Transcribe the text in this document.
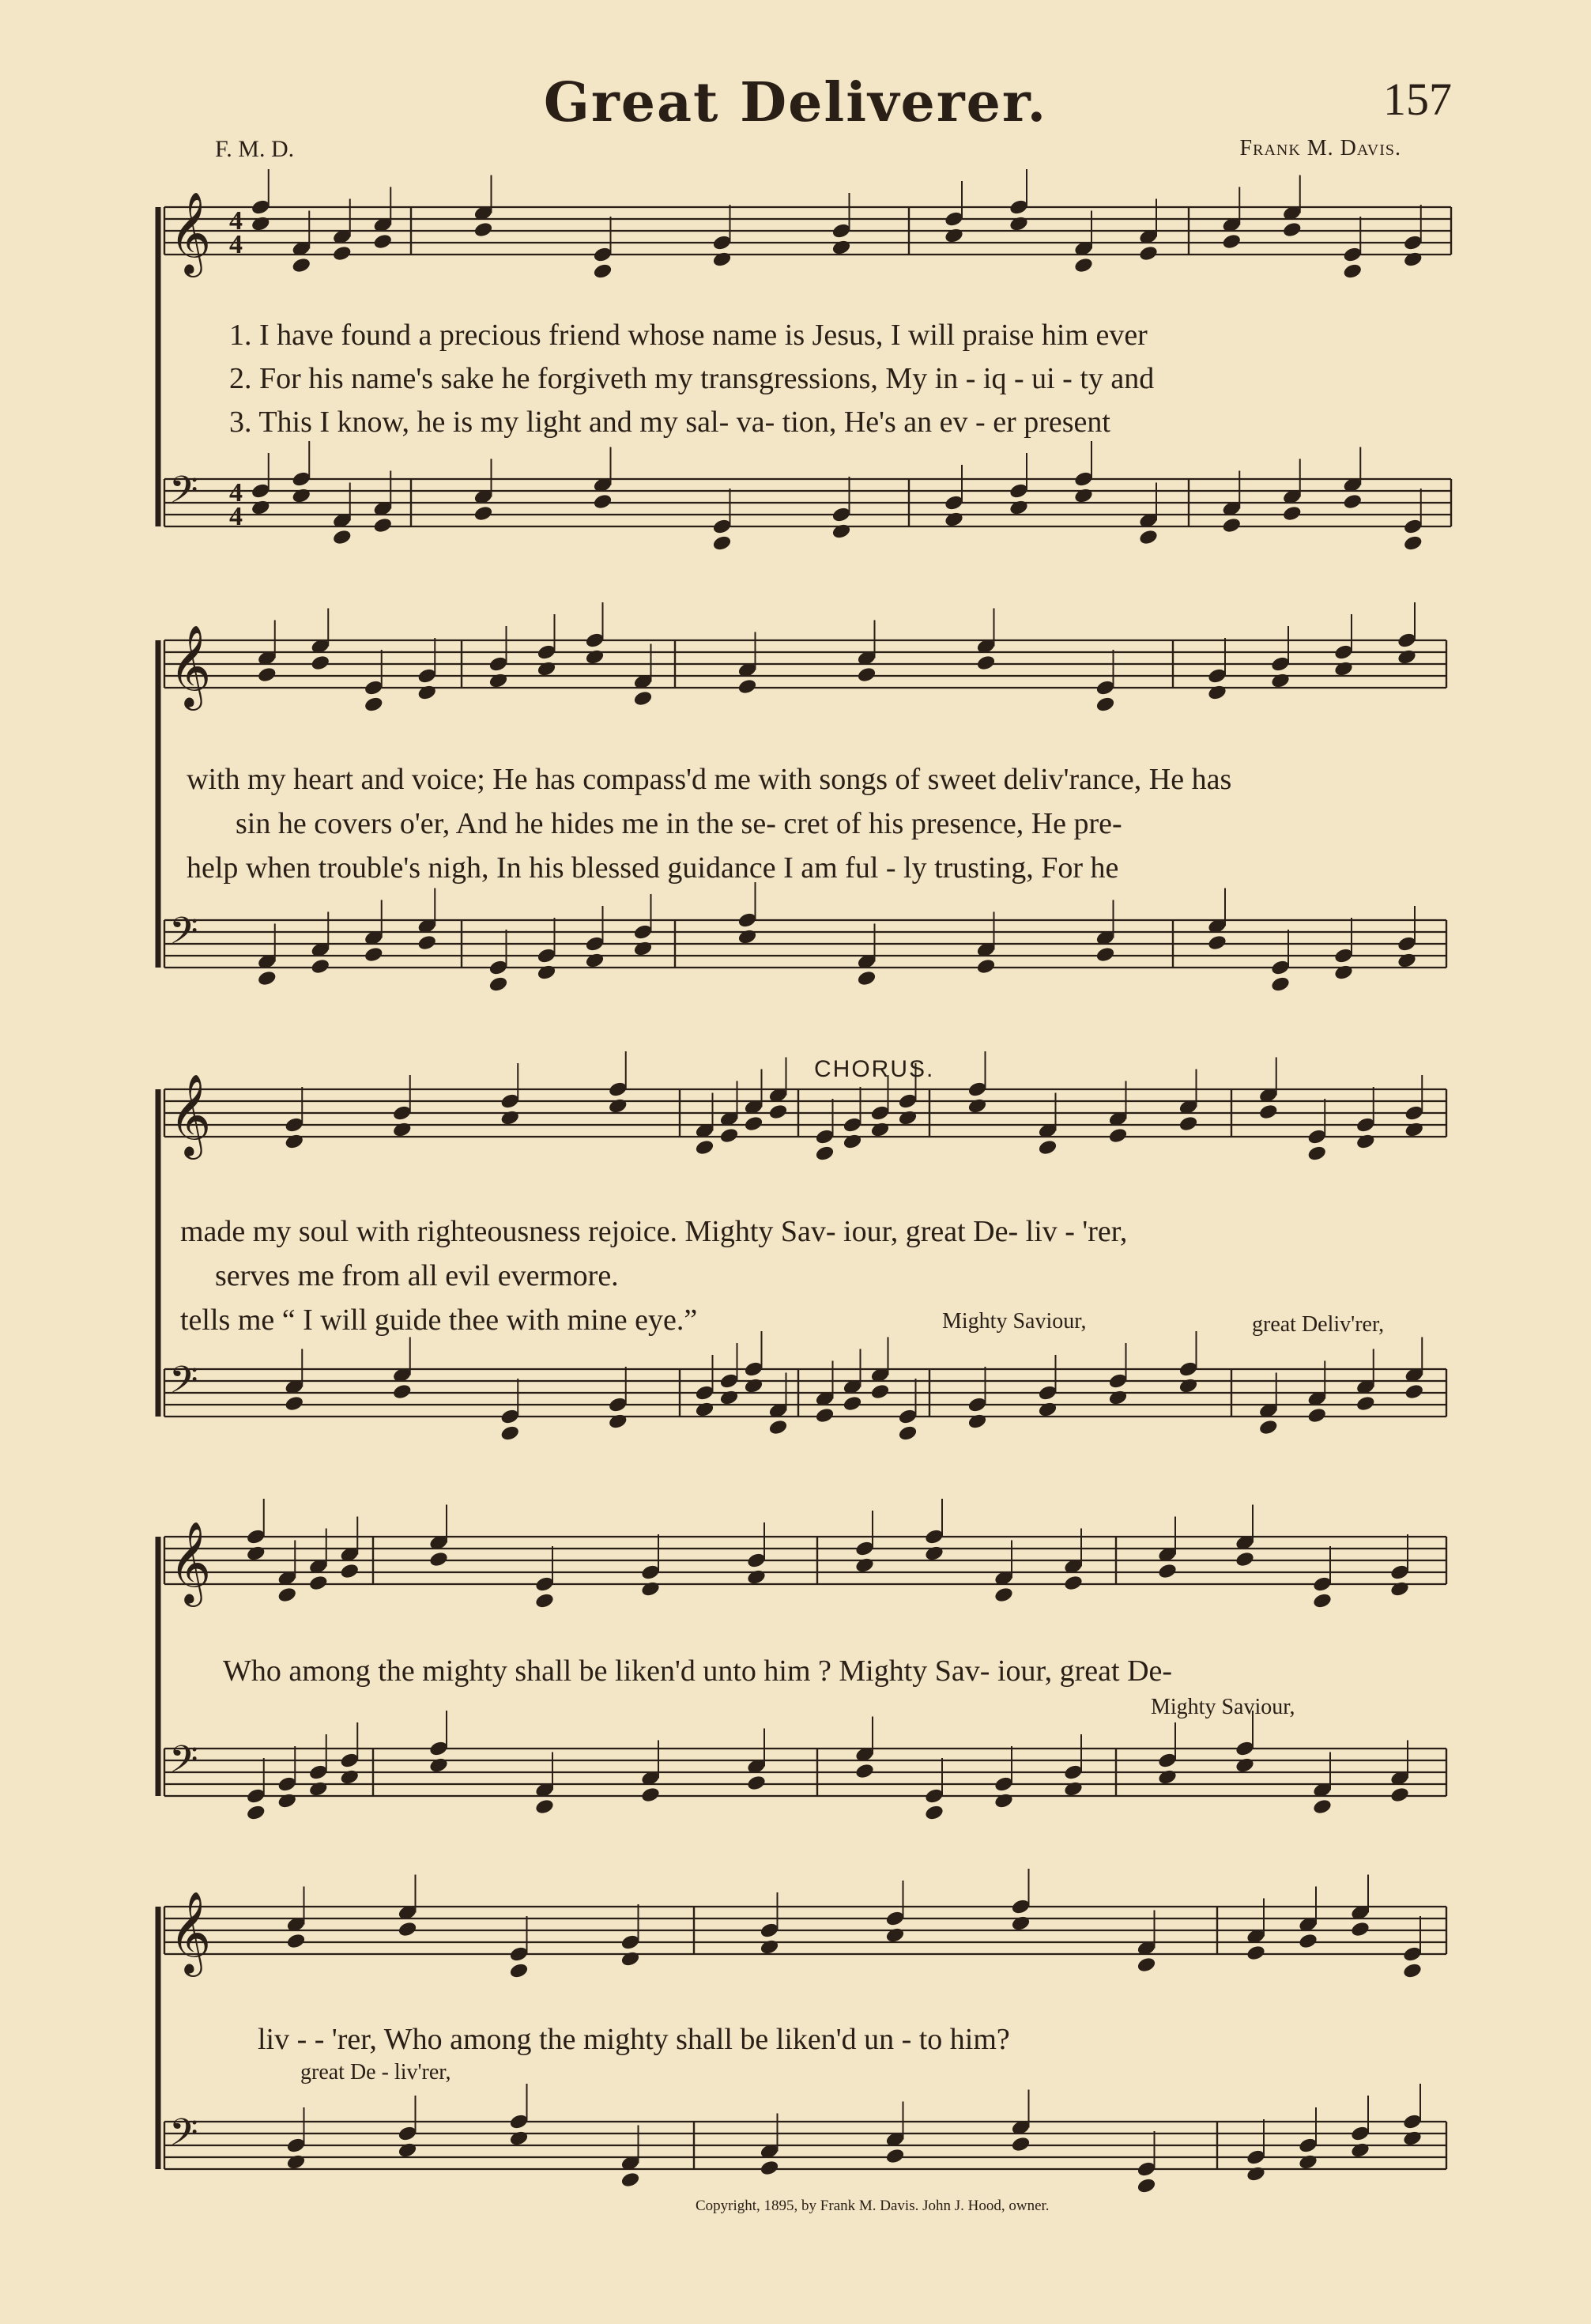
Great Deliverer.	157
F. M. D.	Frank M. Davis.
𝄞
𝄢
𝄞
𝄢
𝄞
𝄢
𝄞
𝄢
𝄞
𝄢
4
4
4
4
1. I have found a precious friend whose name is Jesus, I will praise him ever
2. For his name's sake he forgiveth my transgressions, My in - iq - ui - ty and
3. This I know, he is my light and my sal- va- tion, He's an ev - er present
with my heart and voice; He has compass'd me with songs of sweet deliv'rance, He has
sin he covers o'er, And he hides me in the se- cret of his presence, He pre-
help when trouble's nigh, In his blessed guidance I am ful - ly trusting, For he
CHORUS.
made my soul with righteousness rejoice. Mighty Sav- iour, great De- liv - 'rer,
serves me from all evil evermore.
tells me “ I will guide thee with mine eye.”	Mighty Saviour,	great Deliv'rer,
Who among the mighty shall be liken'd unto him ? Mighty Sav- iour, great De-
Mighty Saviour,
liv - - 'rer, Who among the mighty shall be liken'd un - to him?
great De - liv'rer,
Copyright, 1895, by Frank M. Davis. John J. Hood, owner.
